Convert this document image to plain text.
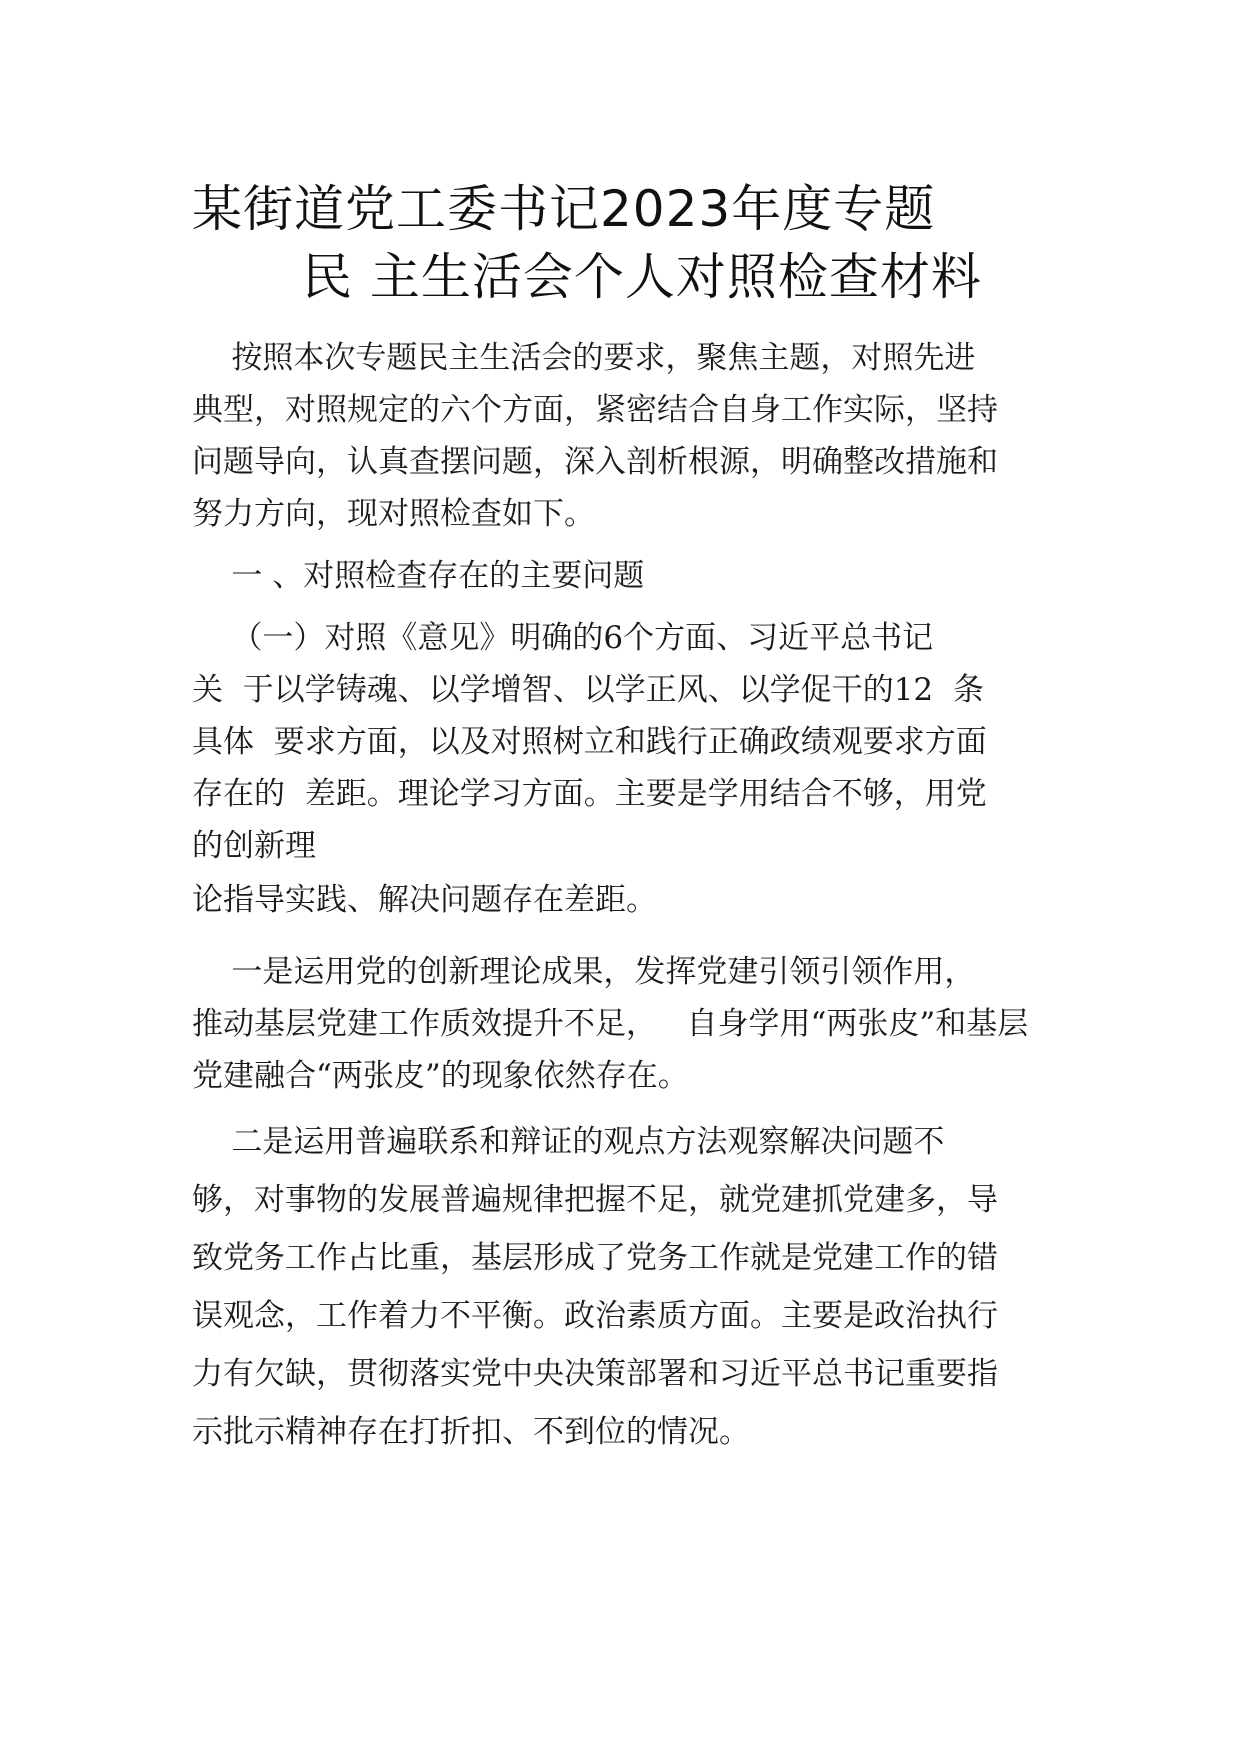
某街道党工委书记2023年度专题
民 主生活会个人对照检查材料
按照本次专题民主生活会的要求，聚焦主题，对照先进
典型，对照规定的六个方面，紧密结合自身工作实际，坚持
问题导向，认真查摆问题，深入剖析根源，明确整改措施和
努力方向，现对照检查如下。
一 、对照检查存在的主要问题
（一）对照《意见》明确的6个方面、习近平总书记
关  于以学铸魂、以学增智、以学正风、以学促干的12  条
具体  要求方面，以及对照树立和践行正确政绩观要求方面
存在的  差距。理论学习方面。主要是学用结合不够，用党
的创新理
论指导实践、解决问题存在差距。
一是运用党的创新理论成果，发挥党建引领引领作用，
推动基层党建工作质效提升不足，   自身学用“两张皮”和基层
党建融合“两张皮”的现象依然存在。
二是运用普遍联系和辩证的观点方法观察解决问题不
够，对事物的发展普遍规律把握不足，就党建抓党建多，导
致党务工作占比重，基层形成了党务工作就是党建工作的错
误观念，工作着力不平衡。政治素质方面。主要是政治执行
力有欠缺，贯彻落实党中央决策部署和习近平总书记重要指
示批示精神存在打折扣、不到位的情况。
